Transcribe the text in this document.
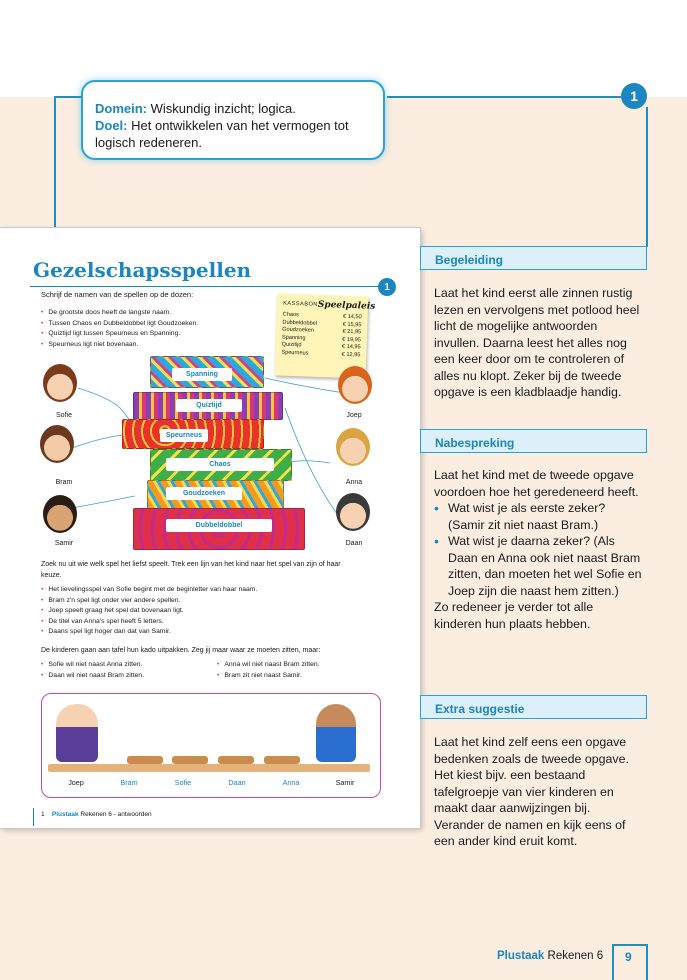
1
Domein: Wiskundig inzicht; logica.
Doel: Het ontwikkelen van het vermogen tot logisch redeneren.
Gezelschapsspellen
1
Schrijf de namen van de spellen op de dozen:
• De grootste doos heeft de langste naam.
• Tussen Chaos en Dubbeldobbel ligt Goudzoeken.
• Quiztijd ligt tussen Speurneus en Spanning.
• Speurneus ligt niet bovenaan.
KASSABON Speelpaleis
Chaos	€ 14,50
Dubbeldobbel	€ 15,95
Goudzoeken	€ 21,95
Spanning	€ 19,95
Quizitijd	€ 14,95
Speurneus	€ 12,95
Sofie
Bram
Samir
Joep
Anna
Daan
Spanning
Quiztijd
Speurneus
Chaos
Goudzoeken
Dubbeldobbel
Zoek nu uit wie welk spel het liefst speelt. Trek een lijn van het kind naar het spel van zijn of haar keuze.
• Het lievelingsspel van Sofie begint met de beginletter van haar naam.
• Bram z'n spel ligt onder vier andere spellen.
• Joep speelt graag het spel dat bovenaan ligt.
• De titel van Anna's spel heeft 5 letters.
• Daans spel ligt hoger dan dat van Samir.
De kinderen gaan aan tafel hun kado uitpakken. Zeg jij maar waar ze moeten zitten, maar:
• Sofie wil niet naast Anna zitten.
• Daan wil niet naast Bram zitten.
• Anna wil niet naast Bram zitten.
• Bram zit niet naast Samir.
Joep	Bram	Sofie	Daan	Anna	Samir
1 Plustaak Rekenen 6 - antwoorden
Begeleiding
Laat het kind eerst alle zinnen rustig lezen en vervolgens met potlood heel licht de mogelijke antwoorden invullen. Daarna leest het alles nog een keer door om te controleren of alles nu klopt. Zeker bij de tweede opgave is een kladblaadje handig.
Nabespreking
Laat het kind met de tweede opgave voordoen hoe het geredeneerd heeft.
• Wat wist je als eerste zeker? (Samir zit niet naast Bram.)
• Wat wist je daarna zeker? (Als Daan en Anna ook niet naast Bram zitten, dan moeten het wel Sofie en Joep zijn die naast hem zitten.)
Zo redeneer je verder tot alle kinderen hun plaats hebben.
Extra suggestie
Laat het kind zelf eens een opgave bedenken zoals de tweede opgave. Het kiest bijv. een bestaand tafelgroepje van vier kinderen en maakt daar aanwijzingen bij. Verander de namen en kijk eens of een ander kind eruit komt.
Plustaak Rekenen 6 9
